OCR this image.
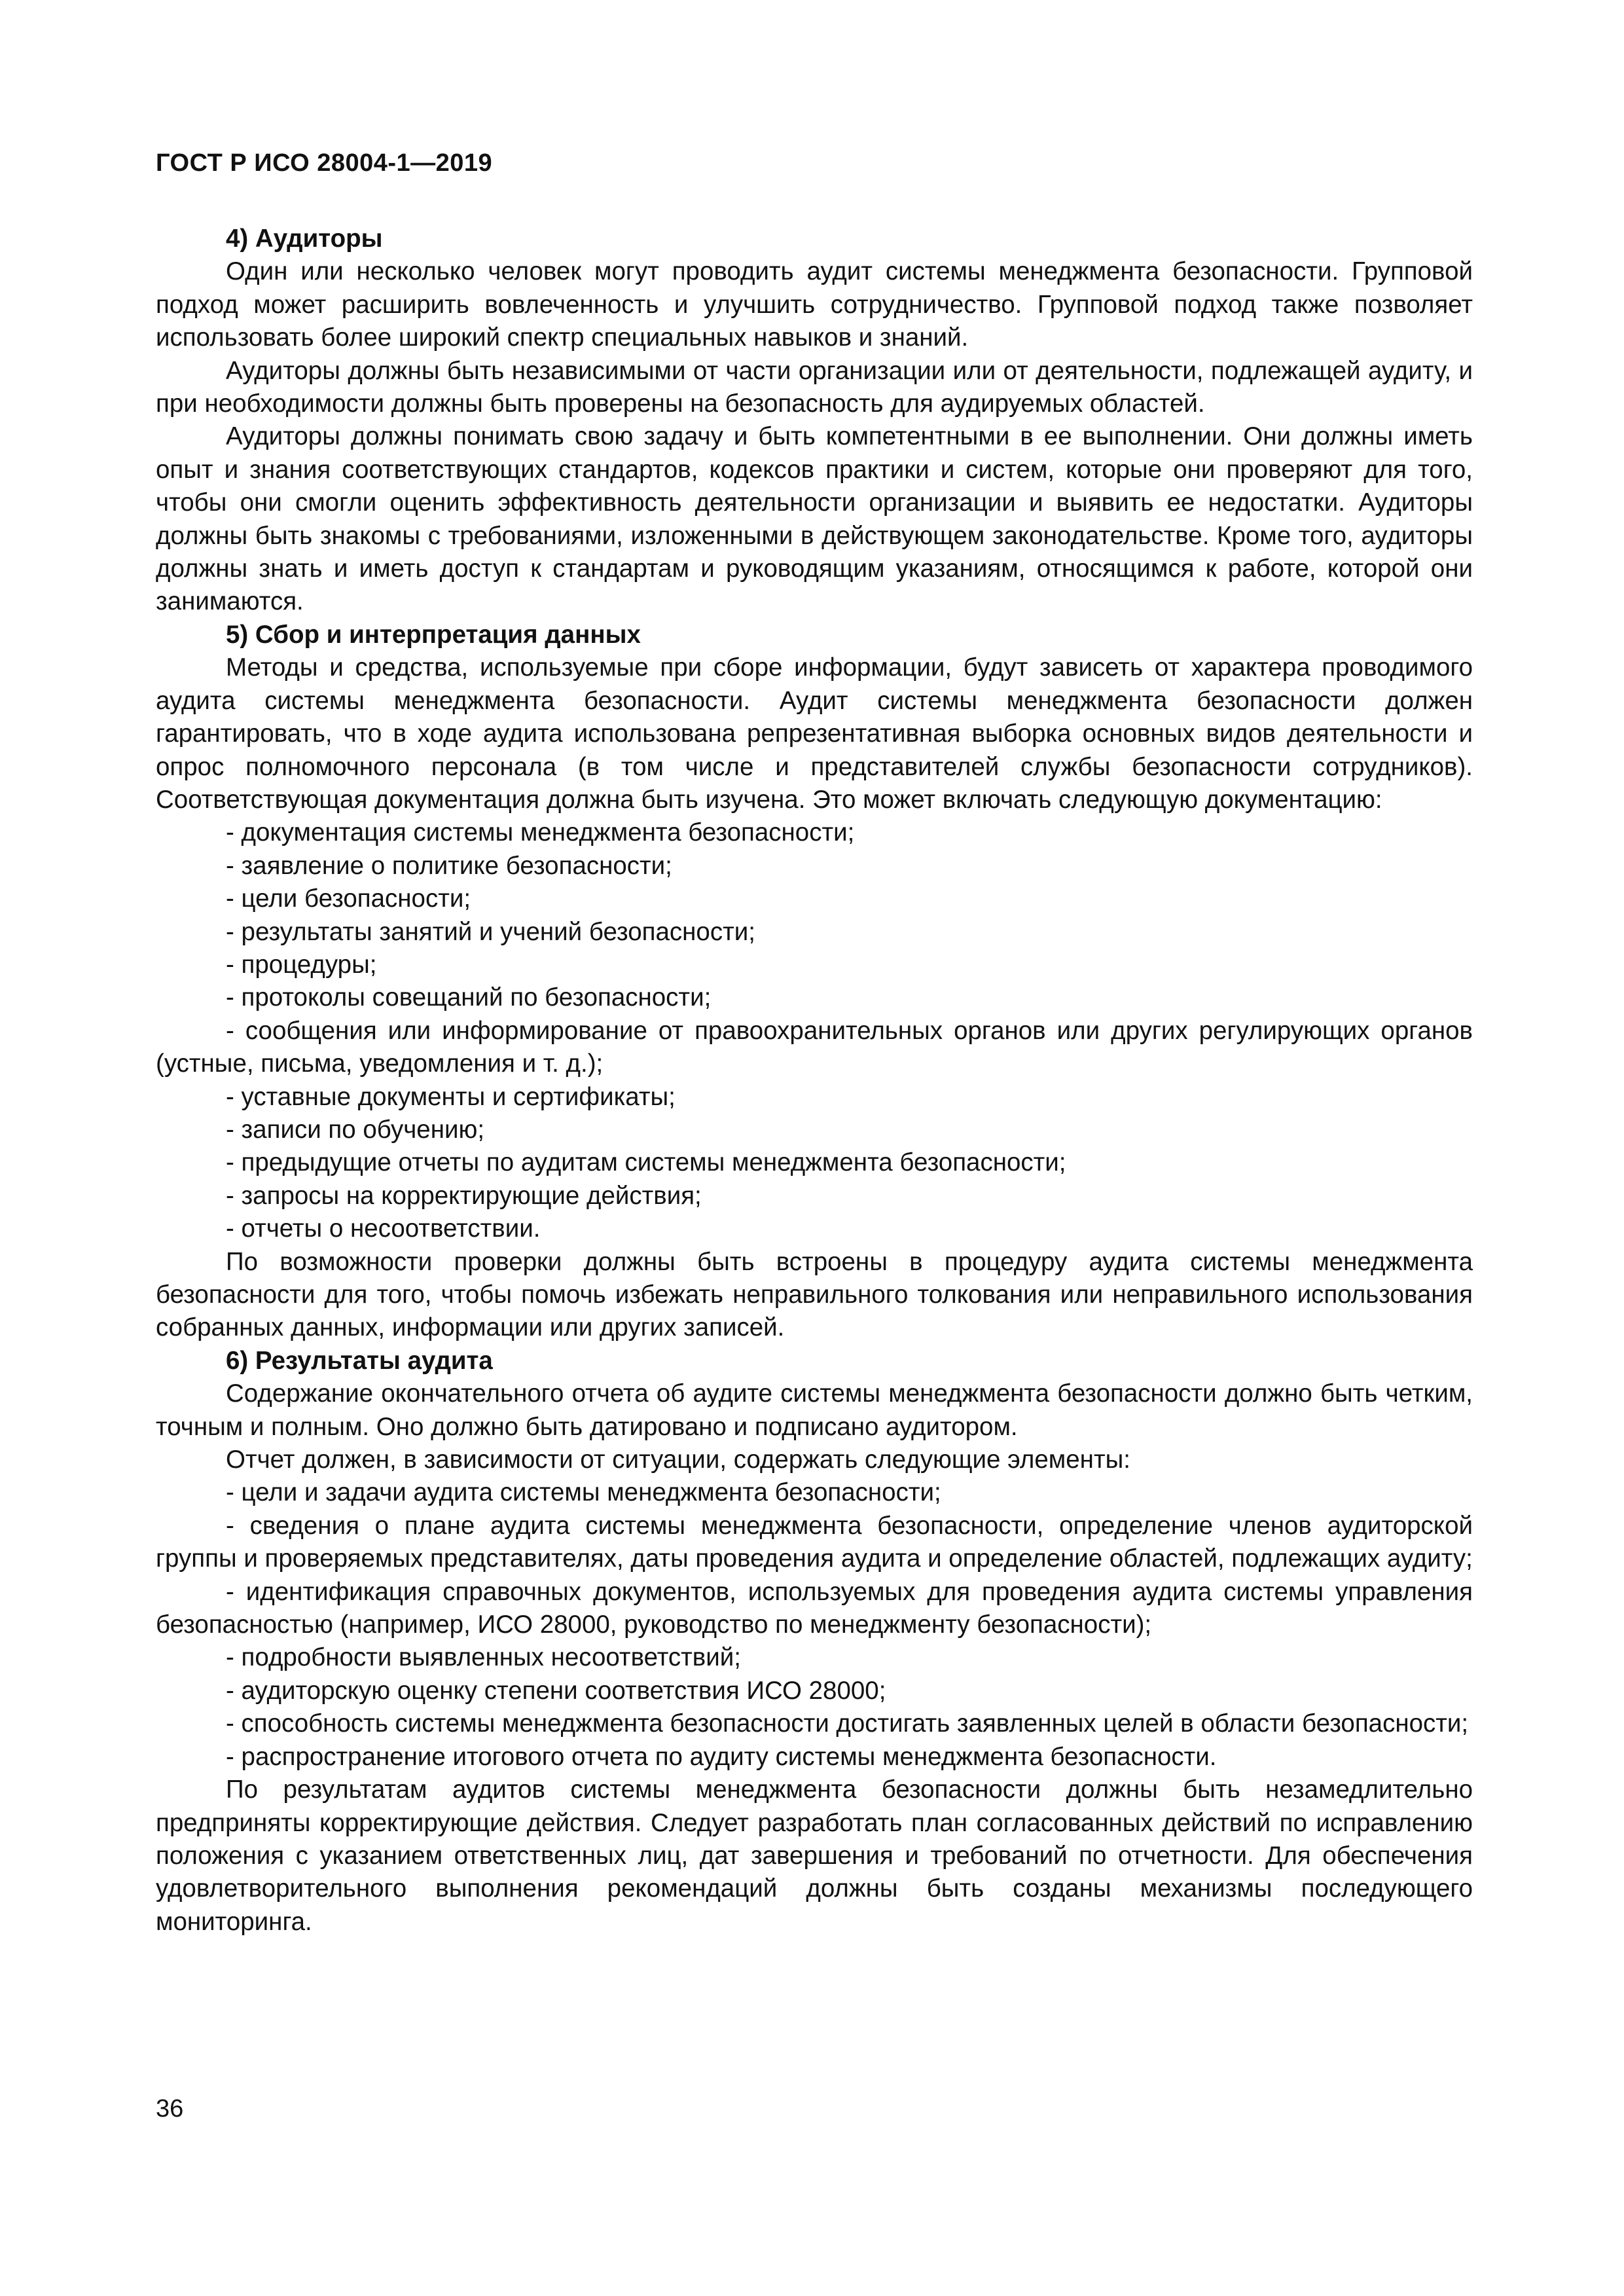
ГОСТ Р ИСО 28004-1—2019
4) Аудиторы

Один или несколько человек могут проводить аудит системы менеджмента безопасности. Групповой подход может расширить вовлеченность и улучшить сотрудничество. Групповой подход также позволяет использовать более широкий спектр специальных навыков и знаний.

Аудиторы должны быть независимыми от части организации или от деятельности, подлежащей аудиту, и при необходимости должны быть проверены на безопасность для аудируемых областей.

Аудиторы должны понимать свою задачу и быть компетентными в ее выполнении. Они должны иметь опыт и знания соответствующих стандартов, кодексов практики и систем, которые они проверяют для того, чтобы они смогли оценить эффективность деятельности организации и выявить ее недостатки. Аудиторы должны быть знакомы с требованиями, изложенными в действующем законодательстве. Кроме того, аудиторы должны знать и иметь доступ к стандартам и руководящим указаниям, относящимся к работе, которой они занимаются.

5) Сбор и интерпретация данных

Методы и средства, используемые при сборе информации, будут зависеть от характера проводимого аудита системы менеджмента безопасности. Аудит системы менеджмента безопасности должен гарантировать, что в ходе аудита использована репрезентативная выборка основных видов деятельности и опрос полномочного персонала (в том числе и представителей службы безопасности сотрудников). Соответствующая документация должна быть изучена. Это может включать следующую документацию:

- документация системы менеджмента безопасности;
- заявление о политике безопасности;
- цели безопасности;
- результаты занятий и учений безопасности;
- процедуры;
- протоколы совещаний по безопасности;
- сообщения или информирование от правоохранительных органов или других регулирующих органов (устные, письма, уведомления и т. д.);
- уставные документы и сертификаты;
- записи по обучению;
- предыдущие отчеты по аудитам системы менеджмента безопасности;
- запросы на корректирующие действия;
- отчеты о несоответствии.

По возможности проверки должны быть встроены в процедуру аудита системы менеджмента безопасности для того, чтобы помочь избежать неправильного толкования или неправильного использования собранных данных, информации или других записей.

6) Результаты аудита

Содержание окончательного отчета об аудите системы менеджмента безопасности должно быть четким, точным и полным. Оно должно быть датировано и подписано аудитором.

Отчет должен, в зависимости от ситуации, содержать следующие элементы:

- цели и задачи аудита системы менеджмента безопасности;
- сведения о плане аудита системы менеджмента безопасности, определение членов аудиторской группы и проверяемых представителях, даты проведения аудита и определение областей, подлежащих аудиту;
- идентификация справочных документов, используемых для проведения аудита системы управления безопасностью (например, ИСО 28000, руководство по менеджменту безопасности);
- подробности выявленных несоответствий;
- аудиторскую оценку степени соответствия ИСО 28000;
- способность системы менеджмента безопасности достигать заявленных целей в области безопасности;
- распространение итогового отчета по аудиту системы менеджмента безопасности.

По результатам аудитов системы менеджмента безопасности должны быть незамедлительно предприняты корректирующие действия. Следует разработать план согласованных действий по исправлению положения с указанием ответственных лиц, дат завершения и требований по отчетности. Для обеспечения удовлетворительного выполнения рекомендаций должны быть созданы механизмы последующего мониторинга.

36
